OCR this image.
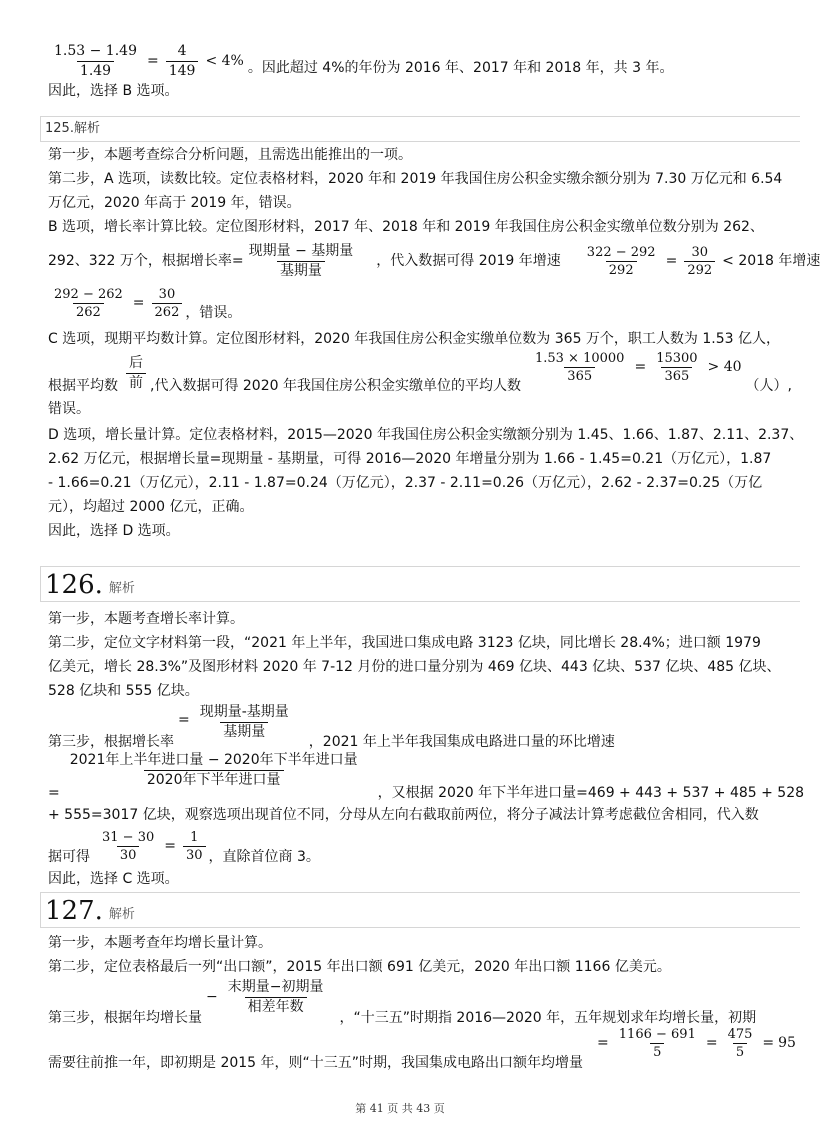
$\frac{1.53 - 1.49}{1.49} = \frac{4}{149} < 4\%$ 。因此超过 4%的年份为 2016 年、2017 年和 2018 年，共 3 年。

因此，选择 B 选项。

125.解析

第一步，本题考查综合分析问题，且需选出能推出的一项。

第二步，A 选项，读数比较。定位表格材料，2020 年和 2019 年我国住房公积金实缴余额分别为 7.30 万亿元和 6.54

万亿元，2020 年高于 2019 年，错误。

B 选项，增长率计算比较。定位图形材料，2017 年、2018 年和 2019 年我国住房公积金实缴单位数分别为 262、

292、322 万个，根据增长率= $\frac{\text{现期量 − 基期量}}{\text{基期量}}$ ，代入数据可得 2019 年增速 $\frac{322 - 292}{292} = \frac{30}{292} < 2018$ 年增速

$\frac{292 - 262}{262} = \frac{30}{262}$ ，错误。

C 选项，现期平均数计算。定位图形材料，2020 年我国住房公积金实缴单位数为 365 万个，职工人数为 1.53 亿人，

根据平均数 $\frac{\text{后}}{\text{前}}$ ,代入数据可得 2020 年我国住房公积金实缴单位的平均人数
$\frac{1.53 \times 10000}{365} = \frac{15300}{365} > 40$
（人）,

错误。

D 选项，增长量计算。定位表格材料，2015—2020 年我国住房公积金实缴额分别为 1.45、1.66、1.87、2.11、2.37、

2.62 万亿元，根据增长量=现期量 - 基期量，可得 2016—2020 年增量分别为 1.66 - 1.45=0.21（万亿元），1.87

- 1.66=0.21（万亿元），2.11 - 1.87=0.24（万亿元），2.37 - 2.11=0.26（万亿元），2.62 - 2.37=0.25（万亿

元），均超过 2000 亿元，正确。

因此，选择 D 选项。

126. 解析

第一步，本题考查增长率计算。

第二步，定位文字材料第一段，“2021 年上半年，我国进口集成电路 3123 亿块，同比增长 28.4%；进口额 1979

亿美元，增长 28.3%”及图形材料 2020 年 7-12 月份的进口量分别为 469 亿块、443 亿块、537 亿块、485 亿块、

528 亿块和 555 亿块。

第三步，根据增长率
= $\frac{\text{现期量-基期量}}{\text{基期量}}$
，2021 年上半年我国集成电路进口量的环比增速

=
$\frac{\text{2021年上半年进口量 − 2020年下半年进口量}}{\text{2020年下半年进口量}}$
，又根据 2020 年下半年进口量=469 + 443 + 537 + 485 + 528

+ 555=3017 亿块，观察选项出现首位不同，分母从左向右截取前两位，将分子减法计算考虑截位舍相同，代入数

据可得 $\frac{31 - 30}{30} = \frac{1}{30}$ ，直除首位商 3。

因此，选择 C 选项。

127. 解析

第一步，本题考查年均增长量计算。

第二步，定位表格最后一列“出口额”，2015 年出口额 691 亿美元，2020 年出口额 1166 亿美元。

第三步，根据年均增长量
− $\frac{\text{末期量−初期量}}{\text{相差年数}}$
，“十三五”时期指 2016—2020 年，五年规划求年均增长量，初期

需要往前推一年，即初期是 2015 年，则“十三五”时期，我国集成电路出口额年均增量
= $\frac{1166 - 691}{5} = \frac{475}{5} = 95$

第 41 页 共 43 页
